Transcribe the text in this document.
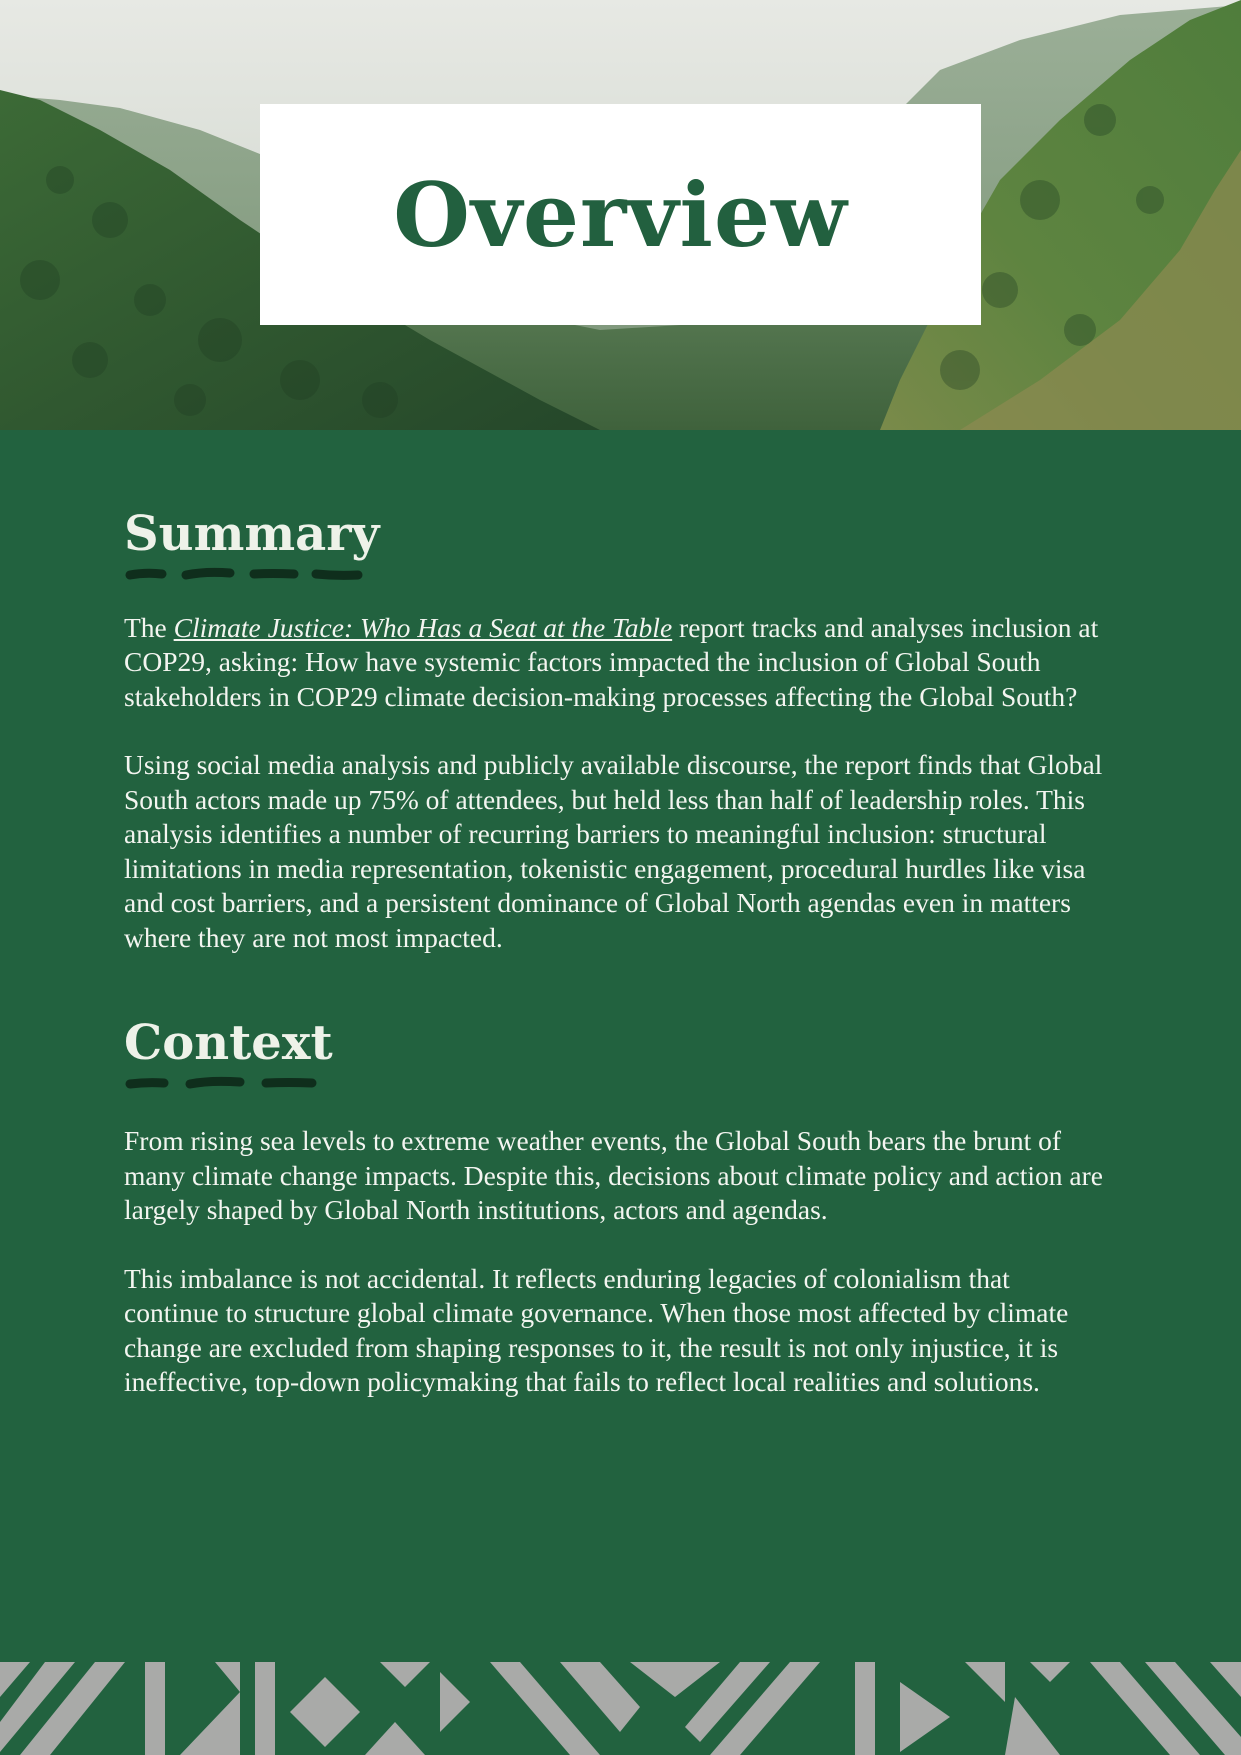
Overview
Summary

The Climate Justice: Who Has a Seat at the Table report tracks and analyses inclusion at COP29, asking: How have systemic factors impacted the inclusion of Global South stakeholders in COP29 climate decision-making processes affecting the Global South?

Using social media analysis and publicly available discourse, the report finds that Global South actors made up 75% of attendees, but held less than half of leadership roles. This analysis identifies a number of recurring barriers to meaningful inclusion: structural limitations in media representation, tokenistic engagement, procedural hurdles like visa and cost barriers, and a persistent dominance of Global North agendas even in matters where they are not most impacted.

Context

From rising sea levels to extreme weather events, the Global South bears the brunt of many climate change impacts. Despite this, decisions about climate policy and action are largely shaped by Global North institutions, actors and agendas.

This imbalance is not accidental. It reflects enduring legacies of colonialism that continue to structure global climate governance. When those most affected by climate change are excluded from shaping responses to it, the result is not only injustice, it is ineffective, top-down policymaking that fails to reflect local realities and solutions.
